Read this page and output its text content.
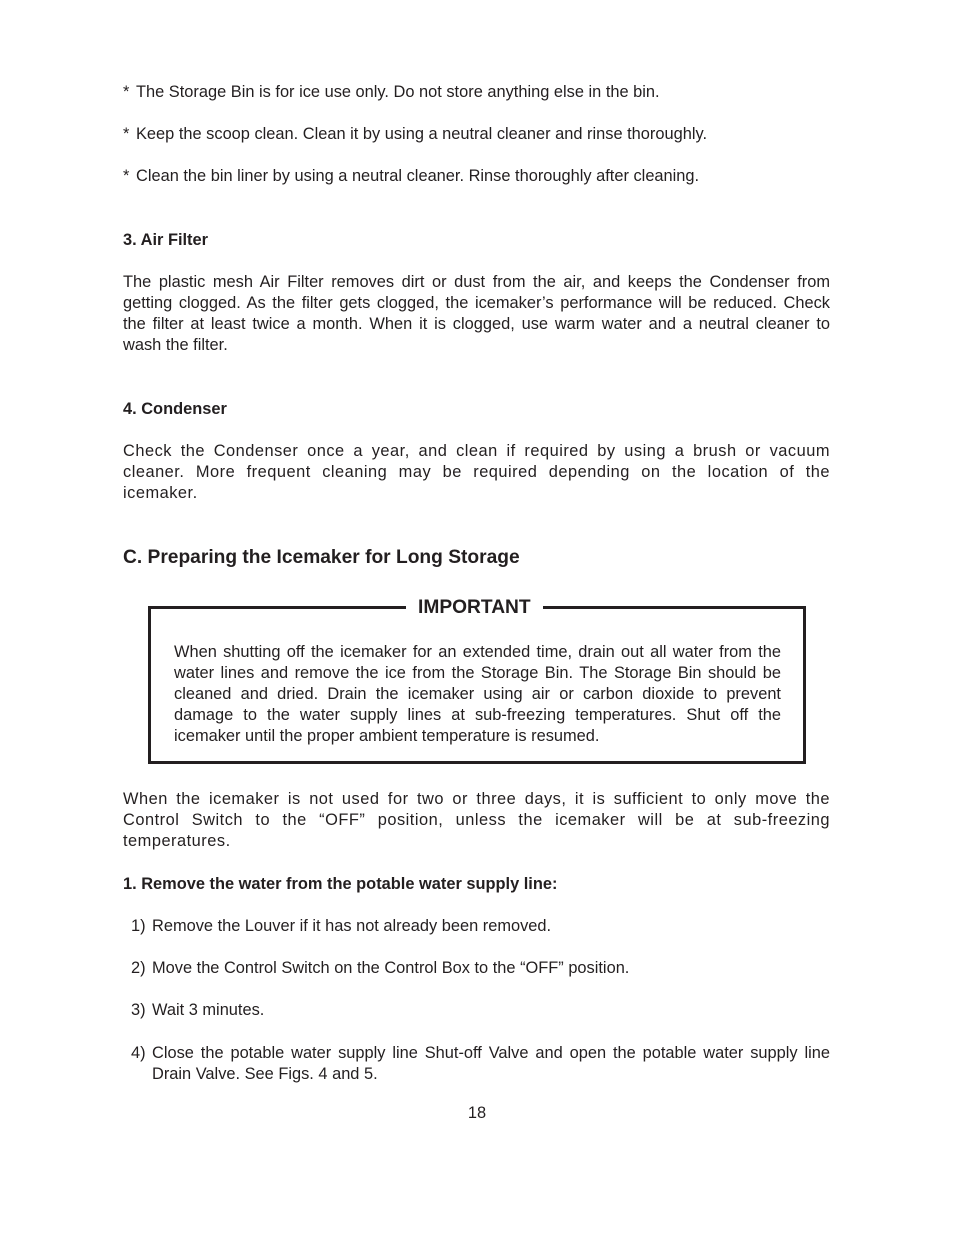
* The Storage Bin is for ice use only. Do not store anything else in the bin.
* Keep the scoop clean. Clean it by using a neutral cleaner and rinse thoroughly.
* Clean the bin liner by using a neutral cleaner. Rinse thoroughly after cleaning.
3. Air Filter
The plastic mesh Air Filter removes dirt or dust from the air, and keeps the Condenser from getting clogged. As the filter gets clogged, the icemaker’s performance will be reduced. Check the filter at least twice a month. When it is clogged, use warm water and a neutral cleaner to wash the filter.
4. Condenser
Check the Condenser once a year, and clean if required by using a brush or vacuum cleaner. More frequent cleaning may be required depending on the location of the icemaker.
C. Preparing the Icemaker for Long Storage
IMPORTANT
When shutting off the icemaker for an extended time, drain out all water from the water lines and remove the ice from the Storage Bin. The Storage Bin should be cleaned and dried. Drain the icemaker using air or carbon dioxide to prevent damage to the water supply lines at sub-freezing temperatures. Shut off the icemaker until the proper ambient temperature is resumed.
When the icemaker is not used for two or three days, it is sufficient to only move the Control Switch to the “OFF” position, unless the icemaker will be at sub-freezing temperatures.
1. Remove the water from the potable water supply line:
1) Remove the Louver if it has not already been removed.
2) Move the Control Switch on the Control Box to the “OFF” position.
3) Wait 3 minutes.
4) Close the potable water supply line Shut-off Valve and open the potable water supply line Drain Valve. See Figs. 4 and 5.
18
